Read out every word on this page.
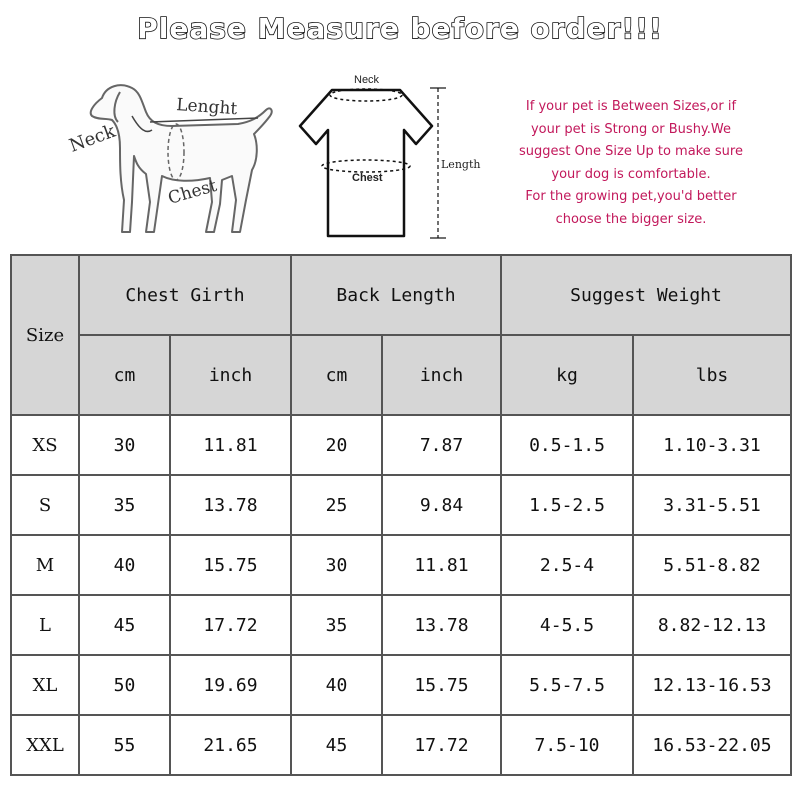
Please Measure before order!!!
Neck
Lenght
Chest
Neck
Chest
Length

If your pet is Between Sizes,or if

your pet is Strong or Bushy.We

suggest One Size Up to make sure

your dog is comfortable.

For the growing pet,you'd better

choose the bigger size.

Size	Chest Girth		Back Length		Suggest Weight	
	cm	inch	cm	inch	kg	lbs
XS	30	11.81	20	7.87	0.5-1.5	1.10-3.31
S	35	13.78	25	9.84	1.5-2.5	3.31-5.51
M	40	15.75	30	11.81	2.5-4	5.51-8.82
L	45	17.72	35	13.78	4-5.5	8.82-12.13
XL	50	19.69	40	15.75	5.5-7.5	12.13-16.53
XXL	55	21.65	45	17.72	7.5-10	16.53-22.05
